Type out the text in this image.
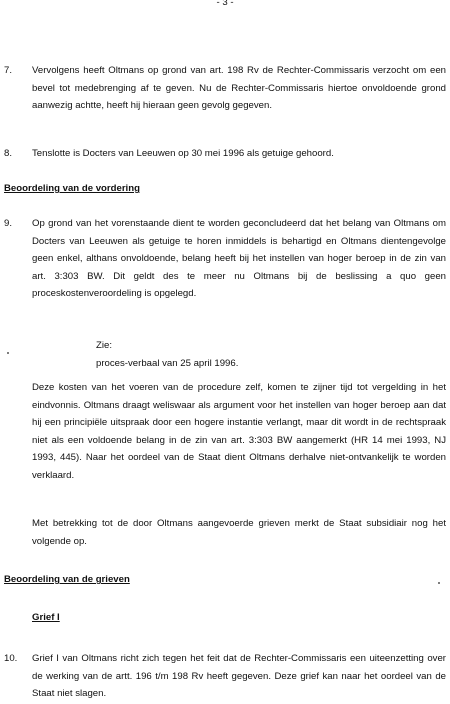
- 3 -
7. Vervolgens heeft Oltmans op grond van art. 198 Rv de Rechter-Commissaris verzocht om een bevel tot medebrenging af te geven. Nu de Rechter-Commissaris hiertoe onvoldoende grond aanwezig achtte, heeft hij hieraan geen gevolg gegeven.

8. Tenslotte is Docters van Leeuwen op 30 mei 1996 als getuige gehoord.

Beoordeling van de vordering
9. Op grond van het vorenstaande dient te worden geconcludeerd dat het belang van Oltmans om Docters van Leeuwen als getuige te horen inmiddels is behartigd en Oltmans dientengevolge geen enkel, althans onvoldoende, belang heeft bij het instellen van hoger beroep in de zin van art. 3:303 BW. Dit geldt des te meer nu Oltmans bij de beslissing a quo geen proceskostenveroordeling is opgelegd.

Zie:
proces-verbaal van 25 april 1996.

Deze kosten van het voeren van de procedure zelf, komen te zijner tijd tot vergelding in het eindvonnis. Oltmans draagt weliswaar als argument voor het instellen van hoger beroep aan dat hij een principiële uitspraak door een hogere instantie verlangt, maar dit wordt in de rechtspraak niet als een voldoende belang in de zin van art. 3:303 BW aangemerkt (HR 14 mei 1993, NJ 1993, 445). Naar het oordeel van de Staat dient Oltmans derhalve niet-ontvankelijk te worden verklaard.

Met betrekking tot de door Oltmans aangevoerde grieven merkt de Staat subsidiair nog het volgende op.

Beoordeling van de grieven
Grief I
10. Grief I van Oltmans richt zich tegen het feit dat de Rechter-Commissaris een uiteenzetting over de werking van de artt. 196 t/m 198 Rv heeft gegeven. Deze grief kan naar het oordeel van de Staat niet slagen.
